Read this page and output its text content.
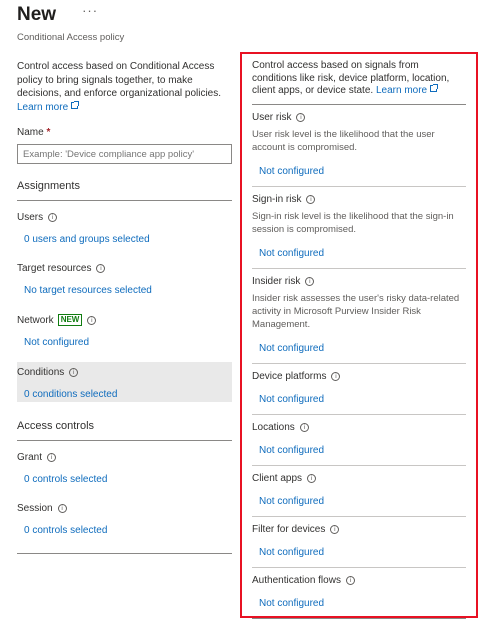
New ···
Conditional Access policy
Control access based on Conditional Access policy to bring signals together, to make decisions, and enforce organizational policies. Learn more
Name *
Example: 'Device compliance app policy'
Assignments
Users	i
0 users and groups selected
Target resources	i
No target resources selected
Network NEW	i
Not configured
Conditions	i
0 conditions selected
Access controls
Grant	i
0 controls selected
Session	i
0 controls selected
Control access based on signals from conditions like risk, device platform, location, client apps, or device state. Learn more
User risk	i
User risk level is the likelihood that the user account is compromised.
Not configured
Sign-in risk	i
Sign-in risk level is the likelihood that the sign-in session is compromised.
Not configured
Insider risk	i
Insider risk assesses the user's risky data-related activity in Microsoft Purview Insider Risk Management.
Not configured
Device platforms	i
Not configured
Locations	i
Not configured
Client apps	i
Not configured
Filter for devices	i
Not configured
Authentication flows	i
Not configured
